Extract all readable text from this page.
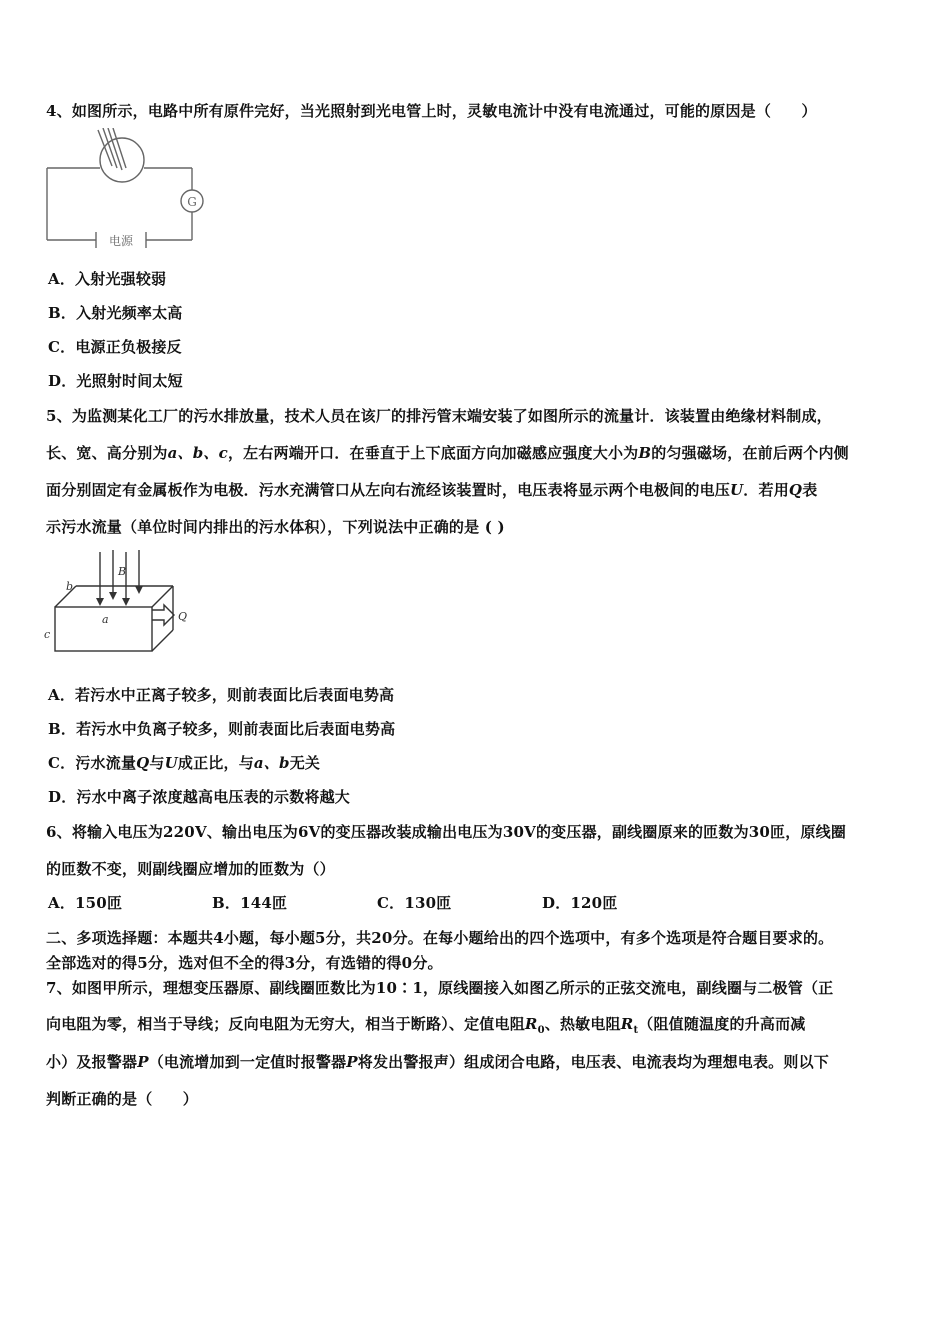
4、如图所示，电路中所有原件完好，当光照射到光电管上时，灵敏电流计中没有电流通过，可能的原因是（　　）
G
电源
A．入射光强较弱
B．入射光频率太高
C．电源正负极接反
D．光照射时间太短
5、为监测某化工厂的污水排放量，技术人员在该厂的排污管末端安装了如图所示的流量计．该装置由绝缘材料制成，
长、宽、高分别为a、b、c，左右两端开口．在垂直于上下底面方向加磁感应强度大小为B的匀强磁场，在前后两个内侧
面分别固定有金属板作为电极．污水充满管口从左向右流经该装置时，电压表将显示两个电极间的电压U．若用Q表
示污水流量（单位时间内排出的污水体积），下列说法中正确的是 ( )
b
B
a
c
Q
A．若污水中正离子较多，则前表面比后表面电势高
B．若污水中负离子较多，则前表面比后表面电势高
C．污水流量Q与U成正比，与a、b无关
D．污水中离子浓度越高电压表的示数将越大
6、将输入电压为220V、输出电压为6V的变压器改装成输出电压为30V的变压器，副线圈原来的匝数为30匝，原线圈
的匝数不变，则副线圈应增加的匝数为（）
A．150匝	B．144匝	C．130匝	D．120匝
二、多项选择题：本题共4小题，每小题5分，共20分。在每小题给出的四个选项中，有多个选项是符合题目要求的。
全部选对的得5分，选对但不全的得3分，有选错的得0分。
7、如图甲所示，理想变压器原、副线圈匝数比为10∶1，原线圈接入如图乙所示的正弦交流电，副线圈与二极管（正
向电阻为零，相当于导线；反向电阻为无穷大，相当于断路）、定值电阻$R_0$、热敏电阻$R_t$（阻值随温度的升高而减
小）及报警器P（电流增加到一定值时报警器P将发出警报声）组成闭合电路，电压表、电流表均为理想电表。则以下
判断正确的是（　　）
